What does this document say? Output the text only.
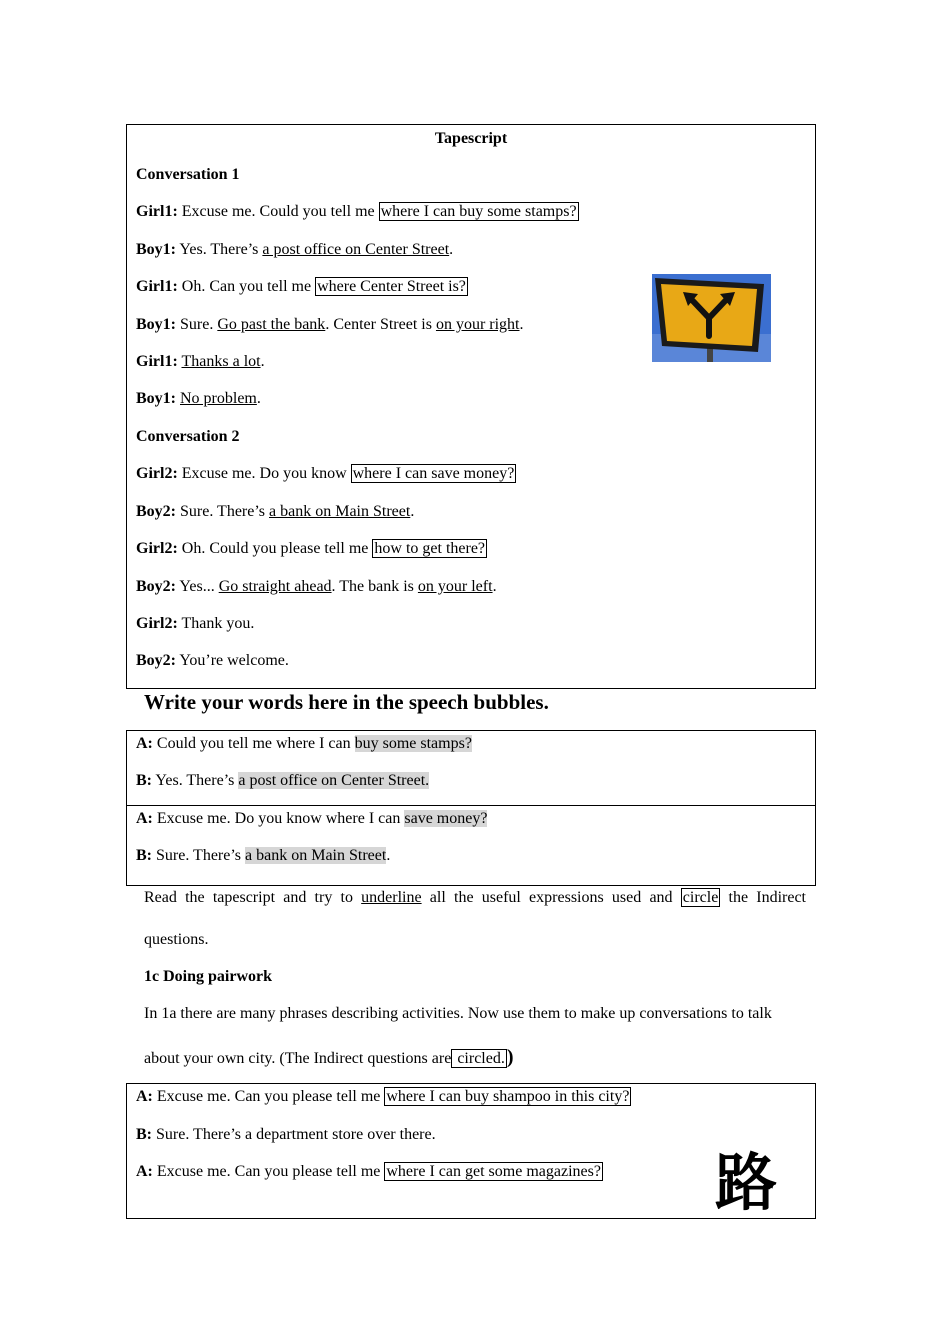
Tapescript
Conversation 1
Girl1: Excuse me. Could you tell me where I can buy some stamps?
Boy1: Yes. There’s a post office on Center Street.
Girl1: Oh. Can you tell me where Center Street is?
Boy1: Sure. Go past the bank. Center Street is on your right.
Girl1: Thanks a lot.
Boy1: No problem.
Conversation 2
Girl2: Excuse me. Do you know where I can save money?
Boy2: Sure. There’s a bank on Main Street.
Girl2: Oh. Could you please tell me how to get there?
Boy2: Yes... Go straight ahead. The bank is on your left.
Girl2: Thank you.
Boy2: You’re welcome.
Write your words here in the speech bubbles.
A: Could you tell me where I can buy some stamps?
B: Yes. There’s a post office on Center Street.
A: Excuse me. Do you know where I can save money?
B: Sure. There’s a bank on Main Street.
Read the tapescript and try to underline all the useful expressions used and circle the Indirect
questions.
1c Doing pairwork
In 1a there are many phrases describing activities. Now use them to make up conversations to talk
about your own city. (The Indirect questions are circled. )
A: Excuse me. Can you please tell me where I can buy shampoo in this city?
B: Sure. There’s a department store over there.
A: Excuse me. Can you please tell me where I can get some magazines? 路
